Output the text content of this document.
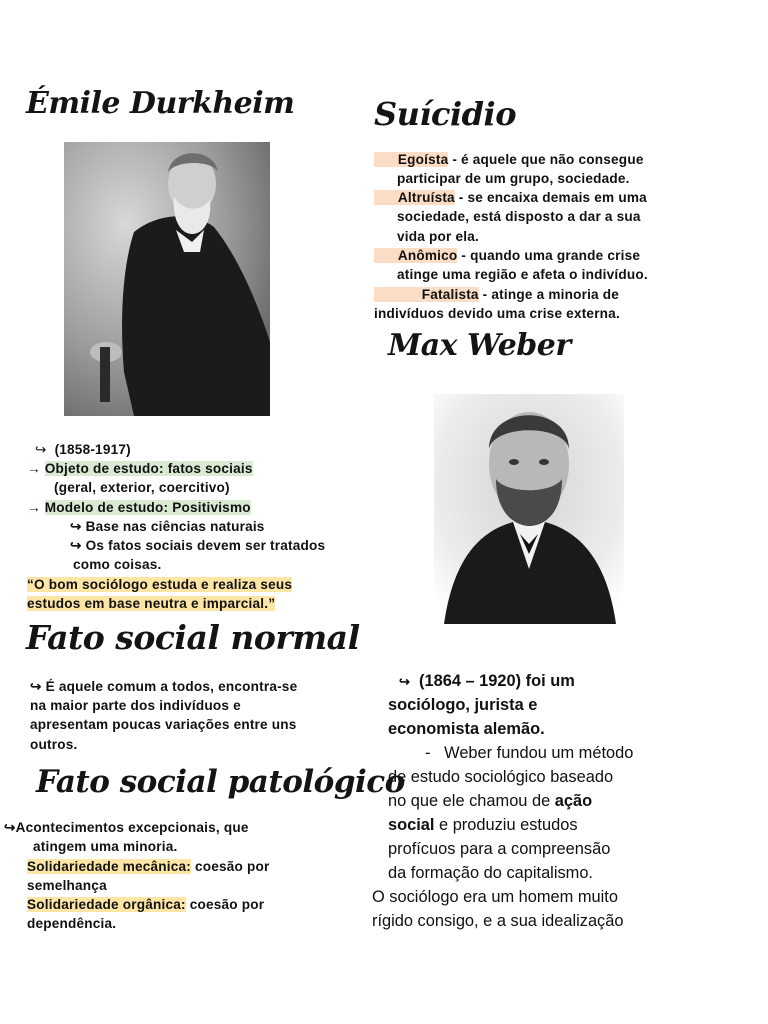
Émile Durkheim
↪ (1858-1917)
→ Objeto de estudo: fatos sociais
(geral, exterior, coercitivo)
→ Modelo de estudo: Positivismo
↪ Base nas ciências naturais
↪ Os fatos sociais devem ser tratados
como coisas.
“O bom sociólogo estuda e realiza seus
estudos em base neutra e imparcial.”
Fato social normal
↪ É aquele comum a todos, encontra-se
na maior parte dos indivíduos e
apresentam poucas variações entre uns
outros.
Fato social patológico
↪Acontecimentos excepcionais, que
atingem uma minoria.
Solidariedade mecânica: coesão por
semelhança
Solidariedade orgânica: coesão por
dependência.
Suícidio
Egoísta - é aquele que não consegue
participar de um grupo, sociedade.
Altruísta - se encaixa demais em uma
sociedade, está disposto a dar a sua
vida por ela.
Anômico - quando uma grande crise
atinge uma região e afeta o indivíduo.
Fatalista - atinge a minoria de
indivíduos devido uma crise externa.
Max Weber
↪ (1864 – 1920) foi um
sociólogo, jurista e
economista alemão.
- Weber fundou um método
de estudo sociológico baseado
no que ele chamou de ação
social e produziu estudos
profícuos para a compreensão
da formação do capitalismo.
O sociólogo era um homem muito
rígido consigo, e a sua idealização
